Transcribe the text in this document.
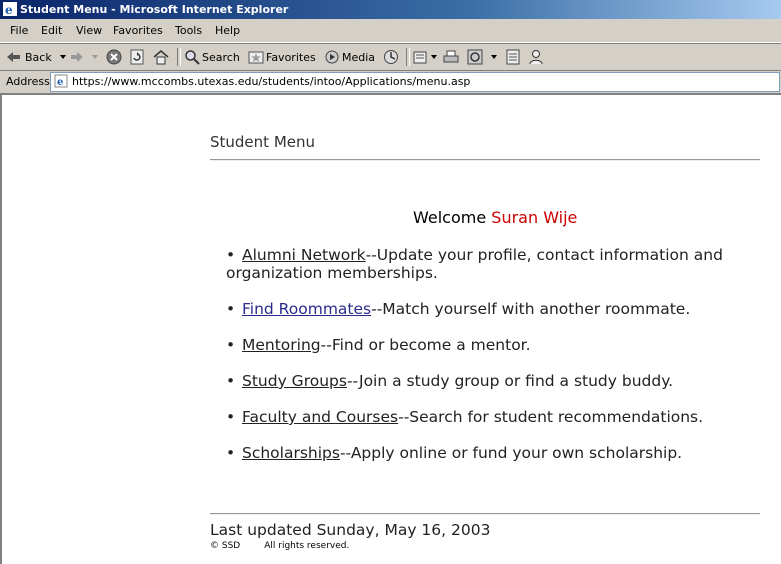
e Student Menu - Microsoft Internet Explorer
File Edit View Favorites Tools Help
Back	Search Favorites Media
Address e https://www.mccombs.utexas.edu/students/intoo/Applications/menu.asp
Student Menu
Welcome Suran Wije
• Alumni Network--Update your profile, contact information and organization memberships.
• Find Roommates--Match yourself with another roommate.
• Mentoring--Find or become a mentor.
• Study Groups--Join a study group or find a study buddy.
• Faculty and Courses--Search for student recommendations.
• Scholarships--Apply online or fund your own scholarship.
Last updated Sunday, May 16, 2003
© SSD	All rights reserved.
